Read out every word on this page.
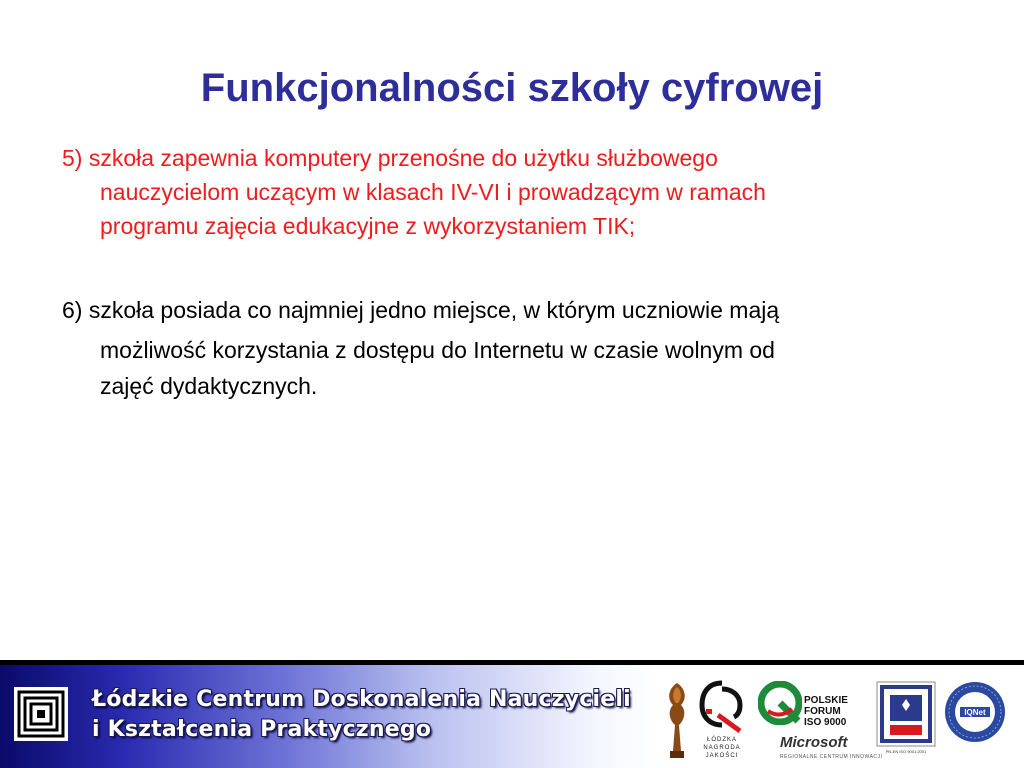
Funkcjonalności szkoły cyfrowej

5) szkoła zapewnia komputery przenośne do użytku służbowego
nauczycielom uczącym w klasach IV-VI i prowadzącym w ramach
programu zajęcia edukacyjne z wykorzystaniem TIK;

6) szkoła posiada co najmniej jedno miejsce, w którym uczniowie mają
możliwość korzystania z dostępu do Internetu w czasie wolnym od
zajęć dydaktycznych.

Łódzkie Centrum Doskonalenia Nauczycieli
i Kształcenia Praktycznego	ŁÓDZKA
NAGRODA
JAKOŚCI
POLSKIE
FORUM
ISO 9000
Microsoft
REGIONALNE CENTRUM INNOWACJI
PN-EN ISO 9001:2001
IQNet
